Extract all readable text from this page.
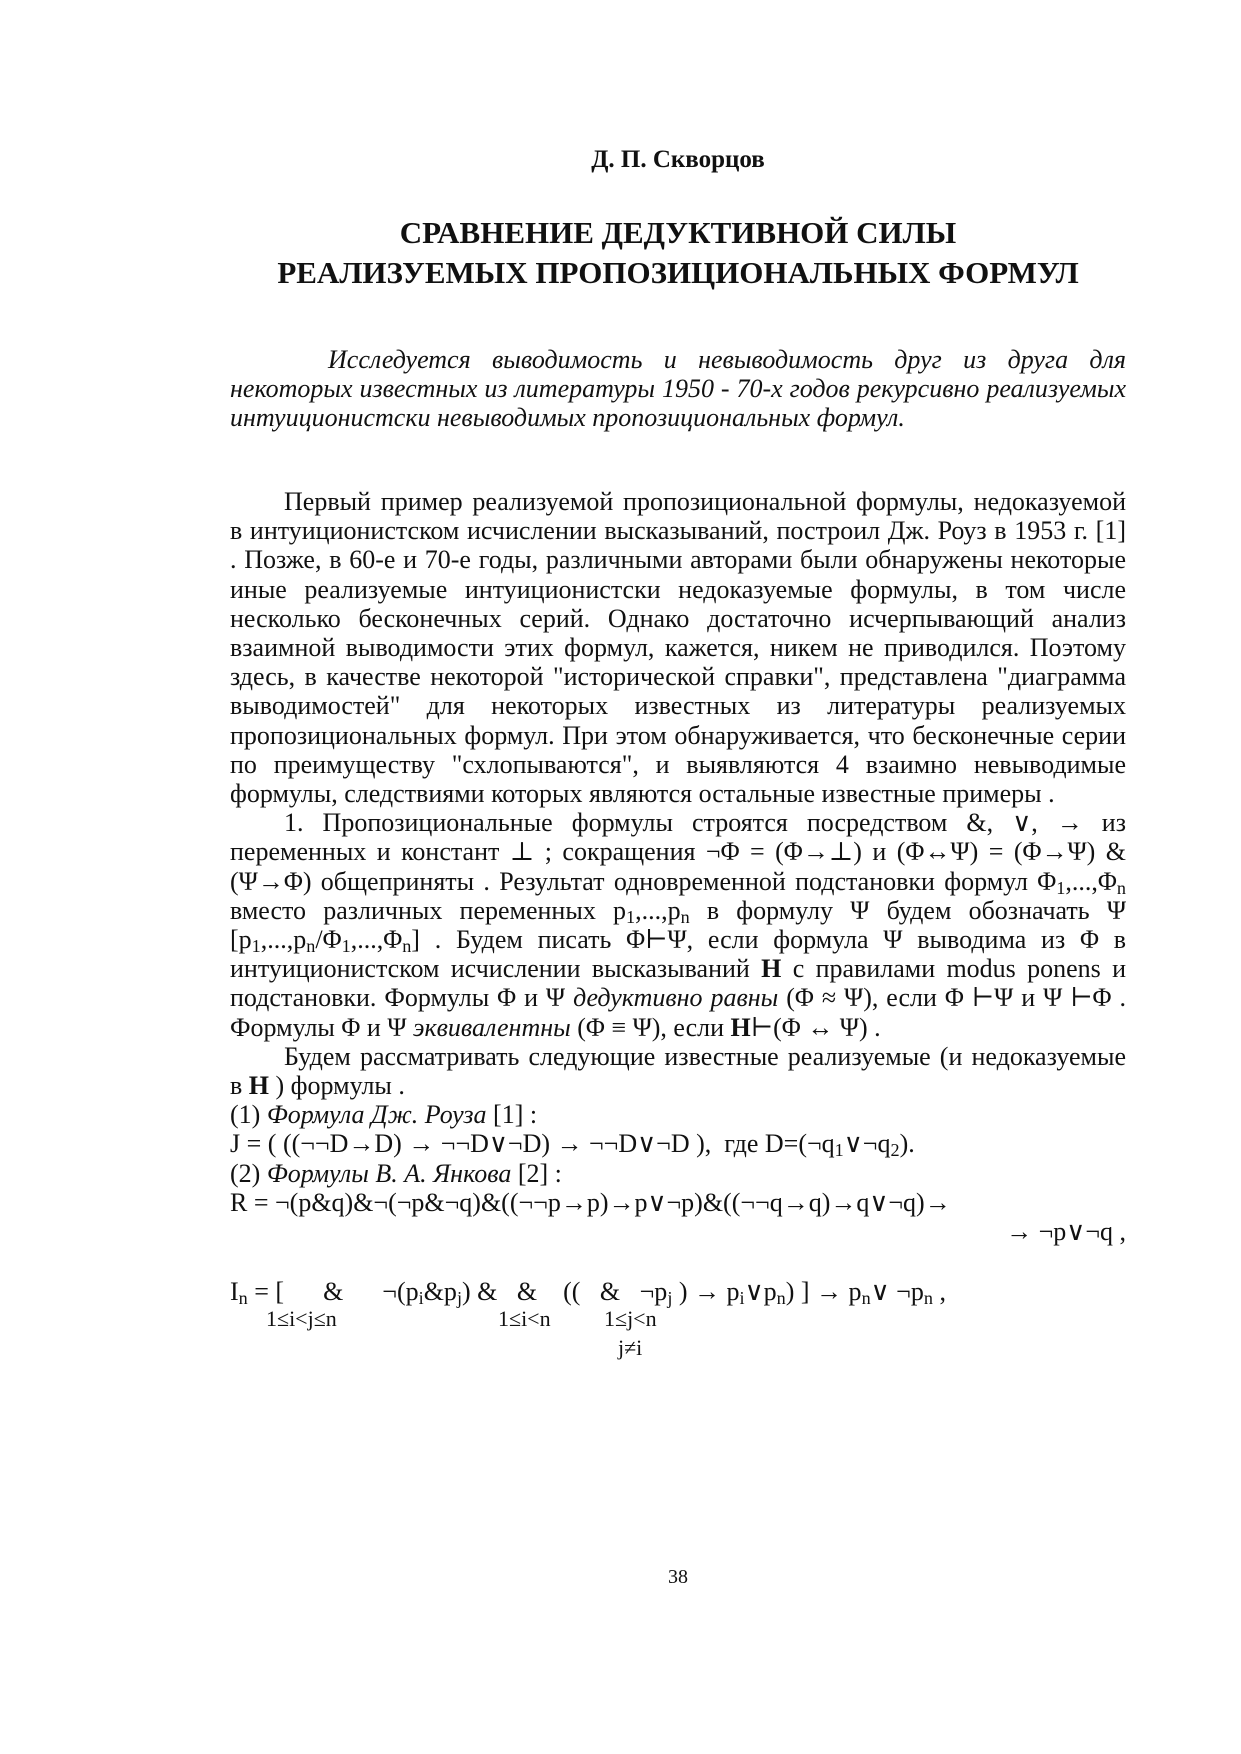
Д. П. Скворцов
СРАВНЕНИЕ ДЕДУКТИВНОЙ СИЛЫ
РЕАЛИЗУЕМЫХ ПРОПОЗИЦИОНАЛЬНЫХ ФОРМУЛ
Исследуется выводимость и невыводимость друг из друга для некоторых известных из литературы 1950 - 70-х годов рекурсивно реализуемых интуиционистски невыводимых пропозициональных формул.

Первый пример реализуемой пропозициональной формулы, недоказуемой в интуиционистском исчислении высказываний, построил Дж. Роуз в 1953 г. [1] . Позже, в 60-е и 70-е годы, различными авторами были обнаружены некоторые иные реализуемые интуиционистски недоказуемые формулы, в том числе несколько бесконечных серий. Однако достаточно исчерпывающий анализ взаимной выводимости этих формул, кажется, никем не приводился. Поэтому здесь, в качестве некоторой "исторической справки", представлена "диаграмма выводимостей" для некоторых известных из литературы реализуемых пропозициональных формул. При этом обнаруживается, что бесконечные серии по преимуществу "схлопываются", и выявляются 4 взаимно невыводимые формулы, следствиями которых являются остальные известные примеры .

1. Пропозициональные формулы строятся посредством &, ∨, → из переменных и констант ⊥ ; сокращения ¬Φ = (Φ→⊥) и (Φ↔Ψ) = (Φ→Ψ) & (Ψ→Φ) общеприняты . Результат одновременной подстановки формул $\Phi_1,...,\Phi_n$ вместо различных переменных $p_1,...,p_n$ в формулу Ψ будем обозначать Ψ $[p_1,...,p_n/\Phi_1,...,\Phi_n]$ . Будем писать Φ⊢Ψ, если формула Ψ выводима из Φ в интуиционистском исчислении высказываний H с правилами modus ponens и подстановки. Формулы Φ и Ψ дедуктивно равны (Φ ≈ Ψ), если Φ ⊢Ψ и Ψ ⊢Φ . Формулы Φ и Ψ эквивалентны (Φ ≡ Ψ), если H⊢(Φ ↔ Ψ) .

Будем рассматривать следующие известные реализуемые (и недоказуемые в H ) формулы .

(1) Формула Дж. Роуза [1] :

J = ( ((¬¬D→D) → ¬¬D∨¬D) → ¬¬D∨¬D ), где $D=(\neg q_1\vee\neg q_2)$.

(2) Формулы В. А. Янкова [2] :

R = ¬(p&q)&¬(¬p&¬q)&((¬¬p→p)→p∨¬p)&((¬¬q→q)→q∨¬q)→

→ ¬p∨¬q ,

$I_n$ = [      &      $\neg(p_i\&p_j)$ &   &    ((   &   $\neg p_j$ ) → $p_i\vee p_n$) ] → $p_n\vee$ $\neg p_n$ ,
1≤i<j≤n	1≤i<n 1≤j<n
j≠i
38
